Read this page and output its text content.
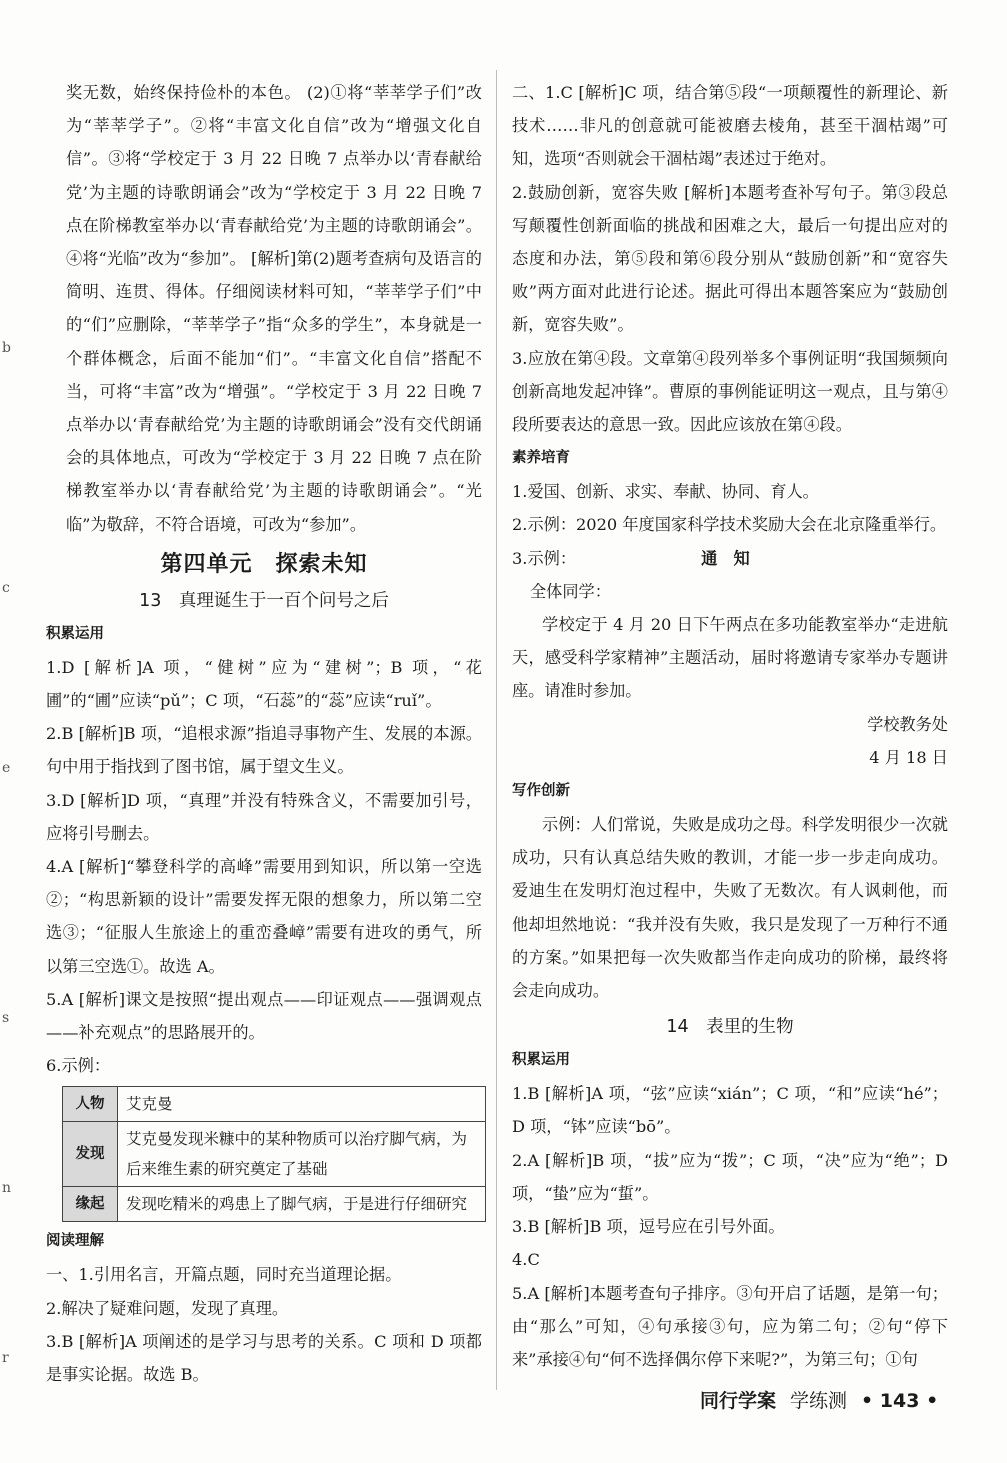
b
c
e
s
n
r

奖无数，始终保持俭朴的本色。 (2)①将“莘莘学子们”改为“莘莘学子”。②将“丰富文化自信”改为“增强文化自信”。③将“学校定于 3 月 22 日晚 7 点举办以‘青春献给党’为主题的诗歌朗诵会”改为“学校定于 3 月 22 日晚 7 点在阶梯教室举办以‘青春献给党’为主题的诗歌朗诵会”。④将“光临”改为“参加”。 [解析]第(2)题考查病句及语言的简明、连贯、得体。仔细阅读材料可知，“莘莘学子们”中的“们”应删除，“莘莘学子”指“众多的学生”，本身就是一个群体概念，后面不能加“们”。“丰富文化自信”搭配不当，可将“丰富”改为“增强”。“学校定于 3 月 22 日晚 7 点举办以‘青春献给党’为主题的诗歌朗诵会”没有交代朗诵会的具体地点，可改为“学校定于 3 月 22 日晚 7 点在阶梯教室举办以‘青春献给党’为主题的诗歌朗诵会”。“光临”为敬辞，不符合语境，可改为“参加”。

第四单元　探索未知
13　真理诞生于一百个问号之后
积累运用

1.D [解析]A 项，“健树”应为“建树”；B 项，“花圃”的“圃”应读“pǔ”；C 项，“石蕊”的“蕊”应读“ruǐ”。

2.B [解析]B 项，“追根求源”指追寻事物产生、发展的本源。句中用于指找到了图书馆，属于望文生义。

3.D [解析]D 项，“真理”并没有特殊含义，不需要加引号，应将引号删去。

4.A [解析]“攀登科学的高峰”需要用到知识，所以第一空选②；“构思新颖的设计”需要发挥无限的想象力，所以第二空选③；“征服人生旅途上的重峦叠嶂”需要有进攻的勇气，所以第三空选①。故选 A。

5.A [解析]课文是按照“提出观点——印证观点——强调观点——补充观点”的思路展开的。

6.示例：

人物	艾克曼
发现	艾克曼发现米糠中的某种物质可以治疗脚气病，为后来维生素的研究奠定了基础
缘起	发现吃精米的鸡患上了脚气病，于是进行仔细研究
阅读理解

一、1.引用名言，开篇点题，同时充当道理论据。

2.解决了疑难问题，发现了真理。

3.B [解析]A 项阐述的是学习与思考的关系。C 项和 D 项都是事实论据。故选 B。

二、1.C [解析]C 项，结合第⑤段“一项颠覆性的新理论、新技术……非凡的创意就可能被磨去棱角，甚至干涸枯竭”可知，选项“否则就会干涸枯竭”表述过于绝对。

2.鼓励创新，宽容失败 [解析]本题考查补写句子。第③段总写颠覆性创新面临的挑战和困难之大，最后一句提出应对的态度和办法，第⑤段和第⑥段分别从“鼓励创新”和“宽容失败”两方面对此进行论述。据此可得出本题答案应为“鼓励创新，宽容失败”。

3.应放在第④段。文章第④段列举多个事例证明“我国频频向创新高地发起冲锋”。曹原的事例能证明这一观点，且与第④段所要表达的意思一致。因此应该放在第④段。

素养培育

1.爱国、创新、求实、奉献、协同、育人。

2.示例：2020 年度国家科学技术奖励大会在北京隆重举行。

3.示例：	通　知

全体同学：

学校定于 4 月 20 日下午两点在多功能教室举办“走进航天，感受科学家精神”主题活动，届时将邀请专家举办专题讲座。请准时参加。

学校教务处

4 月 18 日

写作创新

示例：人们常说，失败是成功之母。科学发明很少一次就成功，只有认真总结失败的教训，才能一步一步走向成功。爱迪生在发明灯泡过程中，失败了无数次。有人讽刺他，而他却坦然地说：“我并没有失败，我只是发现了一万种行不通的方案。”如果把每一次失败都当作走向成功的阶梯，最终将会走向成功。

14　表里的生物
积累运用

1.B [解析]A 项，“弦”应读“xián”；C 项，“和”应读“hé”；D 项，“钵”应读“bō”。

2.A [解析]B 项，“拔”应为“拨”；C 项，“决”应为“绝”；D 项，“蛰”应为“蜇”。

3.B [解析]B 项，逗号应在引号外面。

4.C

5.A [解析]本题考查句子排序。③句开启了话题，是第一句；由“那么”可知，④句承接③句，应为第二句；②句“停下来”承接④句“何不选择偶尔停下来呢?”，为第三句；①句

同行学案 学练测 • 143 •
